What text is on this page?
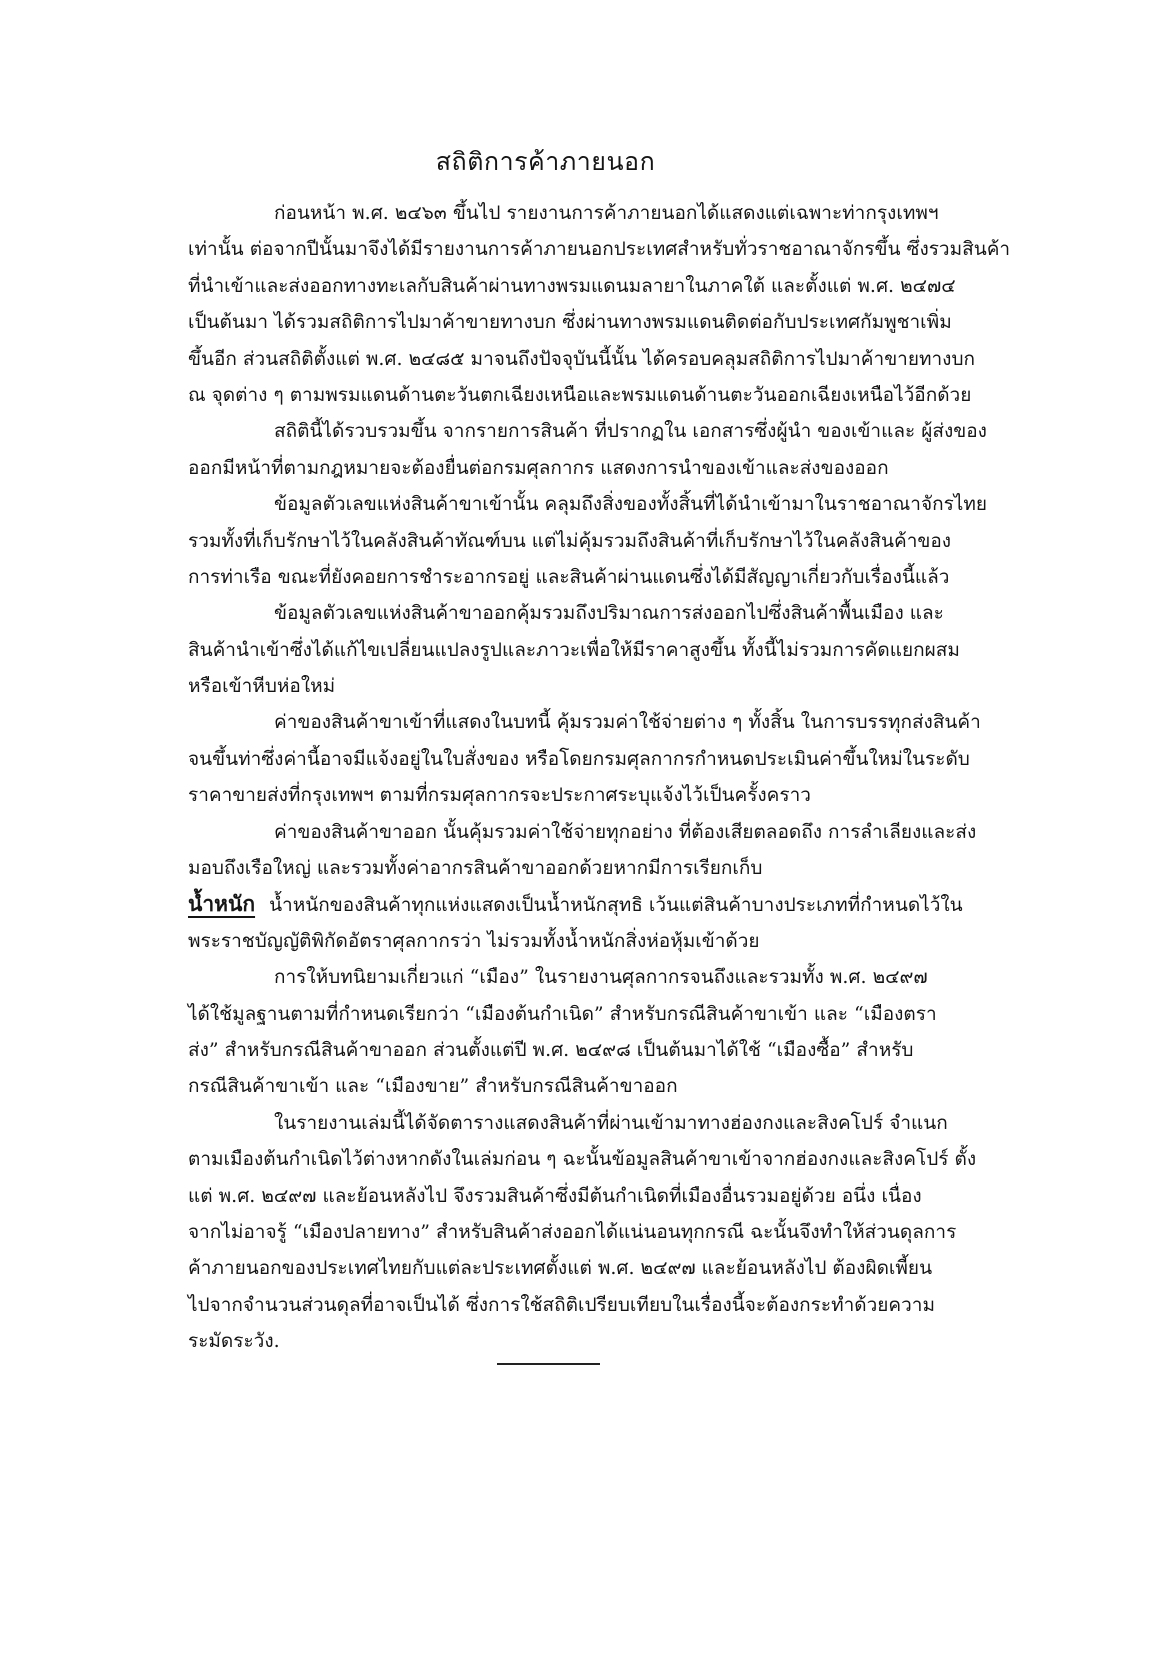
สถิติการค้าภายนอก
ก่อนหน้า พ.ศ. ๒๔๖๓ ขึ้นไป รายงานการค้าภายนอกได้แสดงแต่เฉพาะท่ากรุงเทพฯ
เท่านั้น ต่อจากปีนั้นมาจึงได้มีรายงานการค้าภายนอกประเทศสำหรับทั่วราชอาณาจักรขึ้น ซึ่งรวมสินค้า
ที่นำเข้าและส่งออกทางทะเลกับสินค้าผ่านทางพรมแดนมลายาในภาคใต้ และตั้งแต่ พ.ศ. ๒๔๗๔
เป็นต้นมา ได้รวมสถิติการไปมาค้าขายทางบก ซึ่งผ่านทางพรมแดนติดต่อกับประเทศกัมพูชาเพิ่ม
ขึ้นอีก ส่วนสถิติตั้งแต่ พ.ศ. ๒๔๘๕ มาจนถึงปัจจุบันนี้นั้น ได้ครอบคลุมสถิติการไปมาค้าขายทางบก
ณ จุดต่าง ๆ ตามพรมแดนด้านตะวันตกเฉียงเหนือและพรมแดนด้านตะวันออกเฉียงเหนือไว้อีกด้วย
สถิตินี้ได้รวบรวมขึ้น จากรายการสินค้า ที่ปรากฏใน เอกสารซึ่งผู้นำ ของเข้าและ ผู้ส่งของ
ออกมีหน้าที่ตามกฎหมายจะต้องยื่นต่อกรมศุลกากร แสดงการนำของเข้าและส่งของออก
ข้อมูลตัวเลขแห่งสินค้าขาเข้านั้น คลุมถึงสิ่งของทั้งสิ้นที่ได้นำเข้ามาในราชอาณาจักรไทย
รวมทั้งที่เก็บรักษาไว้ในคลังสินค้าทัณฑ์บน แต่ไม่คุ้มรวมถึงสินค้าที่เก็บรักษาไว้ในคลังสินค้าของ
การท่าเรือ ขณะที่ยังคอยการชำระอากรอยู่ และสินค้าผ่านแดนซึ่งได้มีสัญญาเกี่ยวกับเรื่องนี้แล้ว
ข้อมูลตัวเลขแห่งสินค้าขาออกคุ้มรวมถึงปริมาณการส่งออกไปซึ่งสินค้าพื้นเมือง และ
สินค้านำเข้าซึ่งได้แก้ไขเปลี่ยนแปลงรูปและภาวะเพื่อให้มีราคาสูงขึ้น ทั้งนี้ไม่รวมการคัดแยกผสม
หรือเข้าหีบห่อใหม่
ค่าของสินค้าขาเข้าที่แสดงในบทนี้ คุ้มรวมค่าใช้จ่ายต่าง ๆ ทั้งสิ้น ในการบรรทุกส่งสินค้า
จนขึ้นท่าซึ่งค่านี้อาจมีแจ้งอยู่ในใบสั่งของ หรือโดยกรมศุลกากรกำหนดประเมินค่าขึ้นใหม่ในระดับ
ราคาขายส่งที่กรุงเทพฯ ตามที่กรมศุลกากรจะประกาศระบุแจ้งไว้เป็นครั้งคราว
ค่าของสินค้าขาออก นั้นคุ้มรวมค่าใช้จ่ายทุกอย่าง ที่ต้องเสียตลอดถึง การลำเลียงและส่ง
มอบถึงเรือใหญ่ และรวมทั้งค่าอากรสินค้าขาออกด้วยหากมีการเรียกเก็บ
น้ำหนัก น้ำหนักของสินค้าทุกแห่งแสดงเป็นน้ำหนักสุทธิ เว้นแต่สินค้าบางประเภทที่กำหนดไว้ใน
พระราชบัญญัติพิกัดอัตราศุลกากรว่า ไม่รวมทั้งน้ำหนักสิ่งห่อหุ้มเข้าด้วย
การให้บทนิยามเกี่ยวแก่ “เมือง” ในรายงานศุลกากรจนถึงและรวมทั้ง พ.ศ. ๒๔๙๗
ได้ใช้มูลฐานตามที่กำหนดเรียกว่า “เมืองต้นกำเนิด” สำหรับกรณีสินค้าขาเข้า และ “เมืองตรา
ส่ง” สำหรับกรณีสินค้าขาออก ส่วนตั้งแต่ปี พ.ศ. ๒๔๙๘ เป็นต้นมาได้ใช้ “เมืองซื้อ” สำหรับ
กรณีสินค้าขาเข้า และ “เมืองขาย” สำหรับกรณีสินค้าขาออก
ในรายงานเล่มนี้ได้จัดตารางแสดงสินค้าที่ผ่านเข้ามาทางฮ่องกงและสิงคโปร์ จำแนก
ตามเมืองต้นกำเนิดไว้ต่างหากดังในเล่มก่อน ๆ ฉะนั้นข้อมูลสินค้าขาเข้าจากฮ่องกงและสิงคโปร์ ตั้ง
แต่ พ.ศ. ๒๔๙๗ และย้อนหลังไป จึงรวมสินค้าซึ่งมีต้นกำเนิดที่เมืองอื่นรวมอยู่ด้วย อนึ่ง เนื่อง
จากไม่อาจรู้ “เมืองปลายทาง” สำหรับสินค้าส่งออกได้แน่นอนทุกกรณี ฉะนั้นจึงทำให้ส่วนดุลการ
ค้าภายนอกของประเทศไทยกับแต่ละประเทศตั้งแต่ พ.ศ. ๒๔๙๗ และย้อนหลังไป ต้องผิดเพี้ยน
ไปจากจำนวนส่วนดุลที่อาจเป็นได้ ซึ่งการใช้สถิติเปรียบเทียบในเรื่องนี้จะต้องกระทำด้วยความ
ระมัดระวัง.
